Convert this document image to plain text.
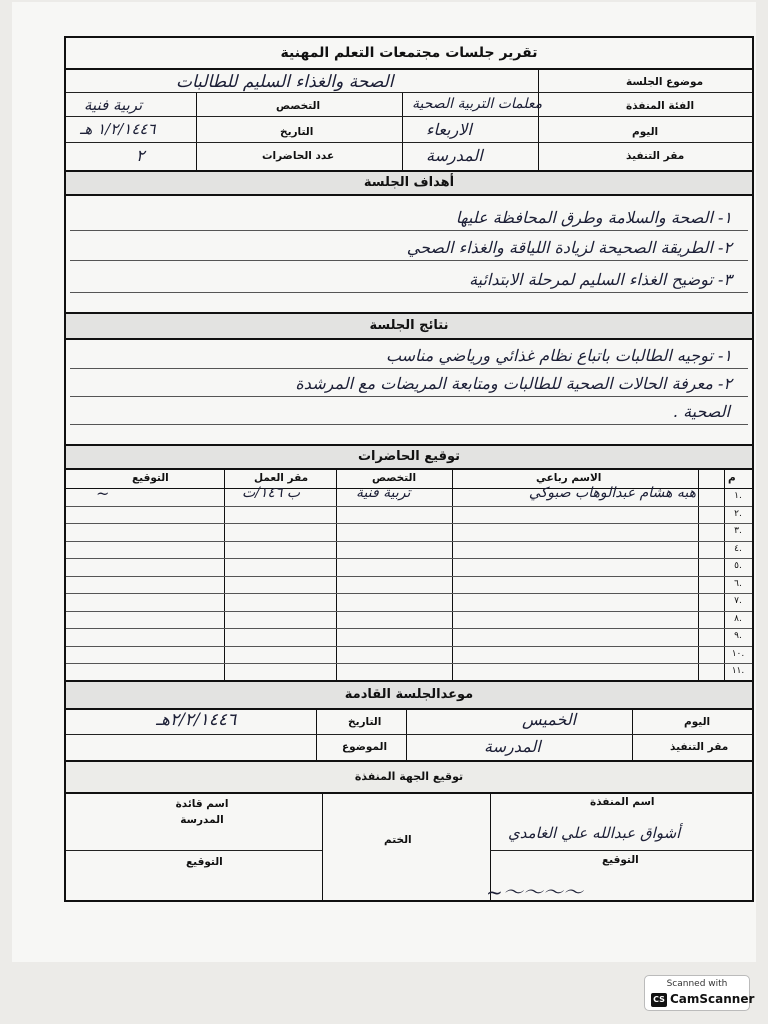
تقرير جلسات مجتمعات التعلم المهنية
موضوع الجلسة
الصحة والغذاء السليم للطالبات
الفئة المنفذة
معلمات التربية الصحية
التخصص
تربية فنية
اليوم
الاربعاء
التاريخ
١/٢/١٤٤٦ هـ
مقر التنفيذ
المدرسة
عدد الحاضرات
٢
أهداف الجلسة
١- الصحة والسلامة وطرق المحافظة عليها
٢- الطريقة الصحيحة لزيادة اللياقة والغذاء الصحي
٣- توضيح الغذاء السليم لمرحلة الابتدائية
نتائج الجلسة
١- توجيه الطالبات باتباع نظام غذائي ورياضي مناسب
٢- معرفة الحالات الصحية للطالبات ومتابعة المريضات مع المرشدة
الصحية .
توقيع الحاضرات
م
الاسم رباعي
التخصص
مقر العمل
التوقيع
١.
هبه هشام عبدالوهاب صبوكي
تربية فنية
ب ١٤٦/ت
~
٢.
٣.
٤.
٥.
٦.
٧.
٨.
٩.
١٠.
١١.
موعدالجلسة القادمة
اليوم
الخميس
التاريخ
٢/٢/١٤٤٦هـ
مقر التنفيذ
المدرسة
الموضوع
توقيع الجهة المنفذة
اسم المنفذة
أشواق عبدالله علي الغامدي
التوقيع
~〜〜〜〜
الختم
اسم قائدة المدرسة
التوقيع
Scanned with
CS CamScanner
